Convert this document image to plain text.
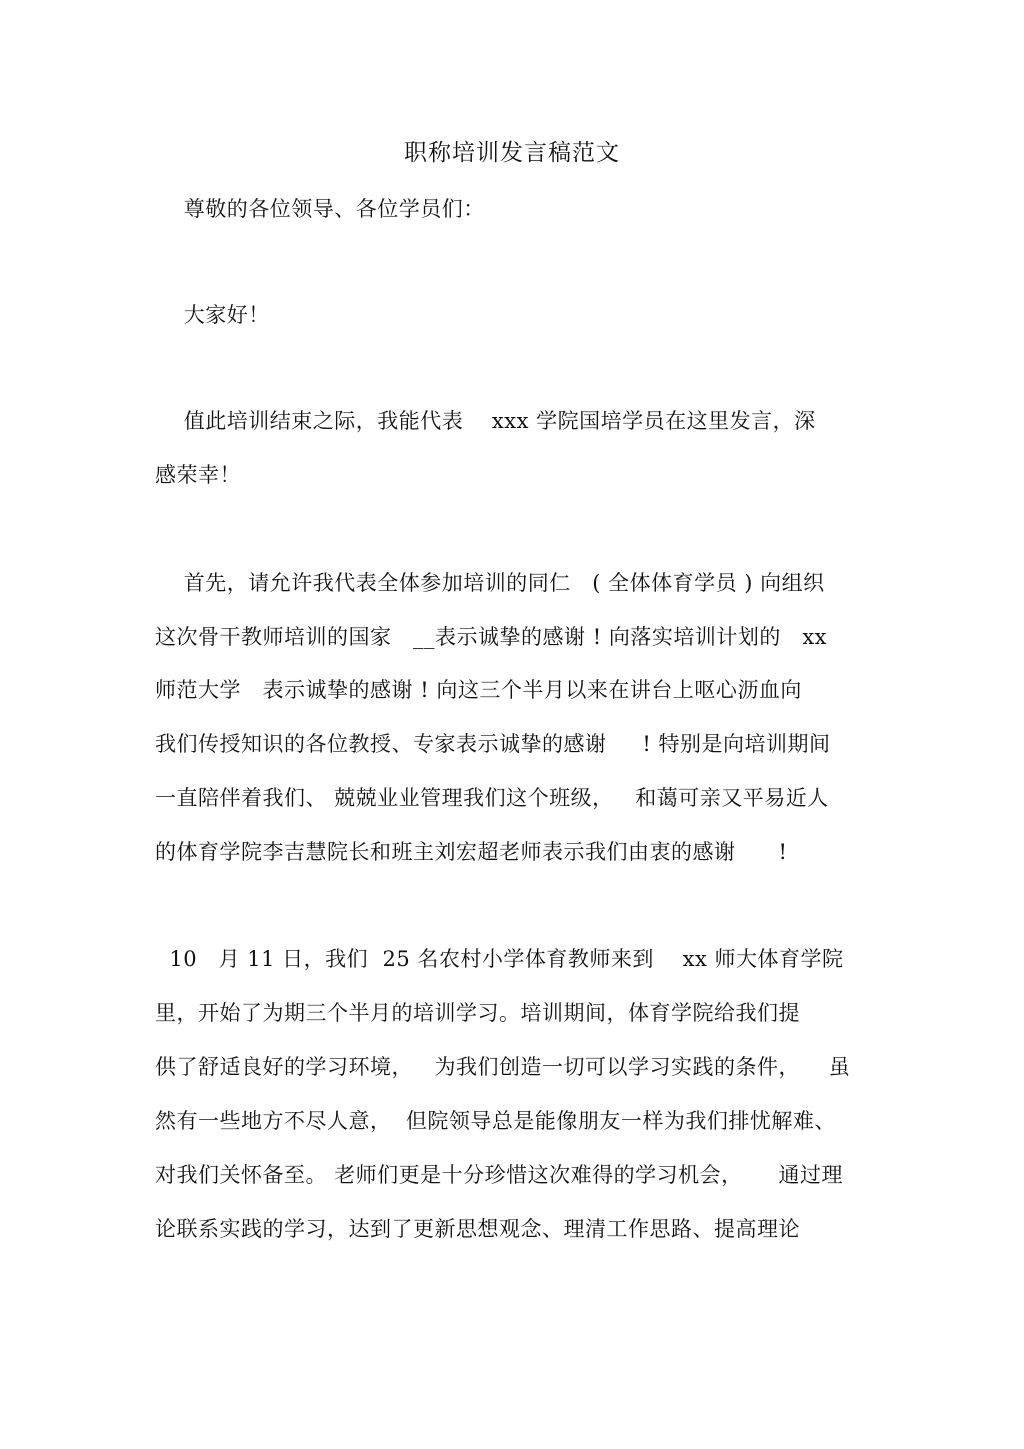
职称培训发言稿范文
尊敬的各位领导、各位学员们：
大家好！
值此培训结束之际，我能代表    xxx 学院国培学员在这里发言，深
感荣幸！
首先，请允许我代表全体参加培训的同仁   ( 全体体育学员 ) 向组织
这次骨干教师培训的国家   __表示诚挚的感谢 ! 向落实培训计划的   xx
师范大学   表示诚挚的感谢 ! 向这三个半月以来在讲台上呕心沥血向
我们传授知识的各位教授、专家表示诚挚的感谢     ! 特别是向培训期间
一直陪伴着我们、 兢兢业业管理我们这个班级，   和蔼可亲又平易近人
的体育学院李吉慧院长和班主刘宏超老师表示我们由衷的感谢      !
10   月 11 日，我们  25 名农村小学体育教师来到    xx 师大体育学院
里，开始了为期三个半月的培训学习。培训期间，体育学院给我们提
供了舒适良好的学习环境，   为我们创造一切可以学习实践的条件，    虽
然有一些地方不尽人意，  但院领导总是能像朋友一样为我们排忧解难、
对我们关怀备至。 老师们更是十分珍惜这次难得的学习机会，     通过理
论联系实践的学习，达到了更新思想观念、理清工作思路、提高理论
